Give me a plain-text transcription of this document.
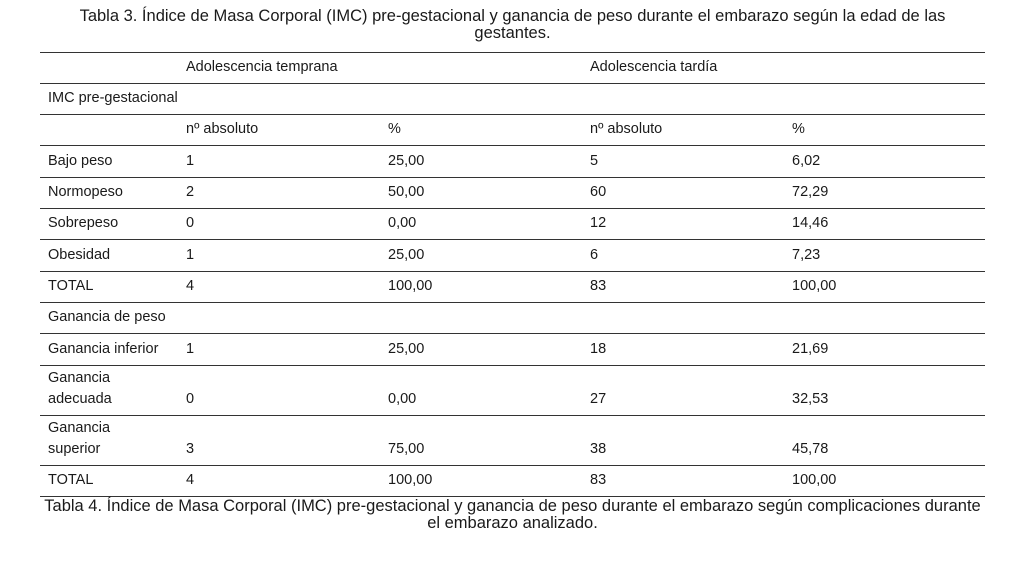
Tabla 3. Índice de Masa Corporal (IMC) pre-gestacional y ganancia de peso durante el embarazo según la edad de las gestantes.
	Adolescencia temprana		Adolescencia tardía	
IMC pre-gestacional				
	nº absoluto	%	nº absoluto	%
Bajo peso	1	25,00	5	6,02
Normopeso	2	50,00	60	72,29
Sobrepeso	0	0,00	12	14,46
Obesidad	1	25,00	6	7,23
TOTAL	4	100,00	83	100,00
Ganancia de peso				
Ganancia inferior	1	25,00	18	21,69
Ganancia
adecuada	0	0,00	27	32,53
Ganancia
superior	3	75,00	38	45,78
TOTAL	4	100,00	83	100,00
Tabla 4. Índice de Masa Corporal (IMC) pre-gestacional y ganancia de peso durante el embarazo según complicaciones durante el embarazo analizado.
